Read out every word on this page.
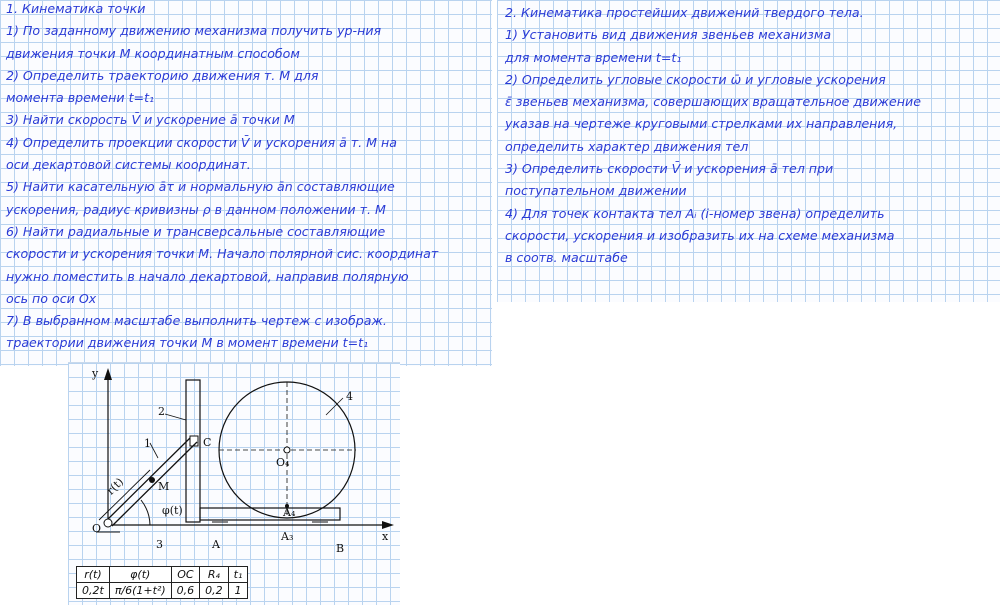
1. Кинематика точки
1) По заданному движению механизма получить ур-ния
движения точки М координатным способом
2) Определить траекторию движения т. М для
момента времени t=t₁
3) Найти скорость V̄ и ускорение ā точки М
4) Определить проекции скорости V̄ и ускорения ā т. М на
оси декартовой системы координат.
5) Найти касательную āτ и нормальную ān составляющие
ускорения, радиус кривизны ρ в данном положении т. М
6) Найти радиальные и трансверсальные составляющие
скорости и ускорения точки М. Начало полярной сис. координат
нужно поместить в начало декартовой, направив полярную
ось по оси Ох
7) В выбранном масштабе выполнить чертеж с изображ.
траектории движения точки М в момент времени t=t₁
2. Кинематика простейших движений твердого тела.
1) Установить вид движения звеньев механизма
для момента времени t=t₁
2) Определить угловые скорости ω̄ и угловые ускорения
ε̄ звеньев механизма, совершающих вращательное движение
указав на чертеже круговыми стрелками их направления,
определить характер движения тел
3) Определить скорости V̄ и ускорения ā тел при
поступательном движении
4) Для точек контакта тел Aᵢ (i-номер звена) определить
скорости, ускорения и изобразить их на схеме механизма
в соотв. масштабе
y
x
O
1
2
3
4
C
M
O₄
A₄
A₃
A	B
r(t)
φ(t)
r(t)	φ(t)	OC	R₄	t₁
0,2t	π/6(1+t²)	0,6	0,2	1
